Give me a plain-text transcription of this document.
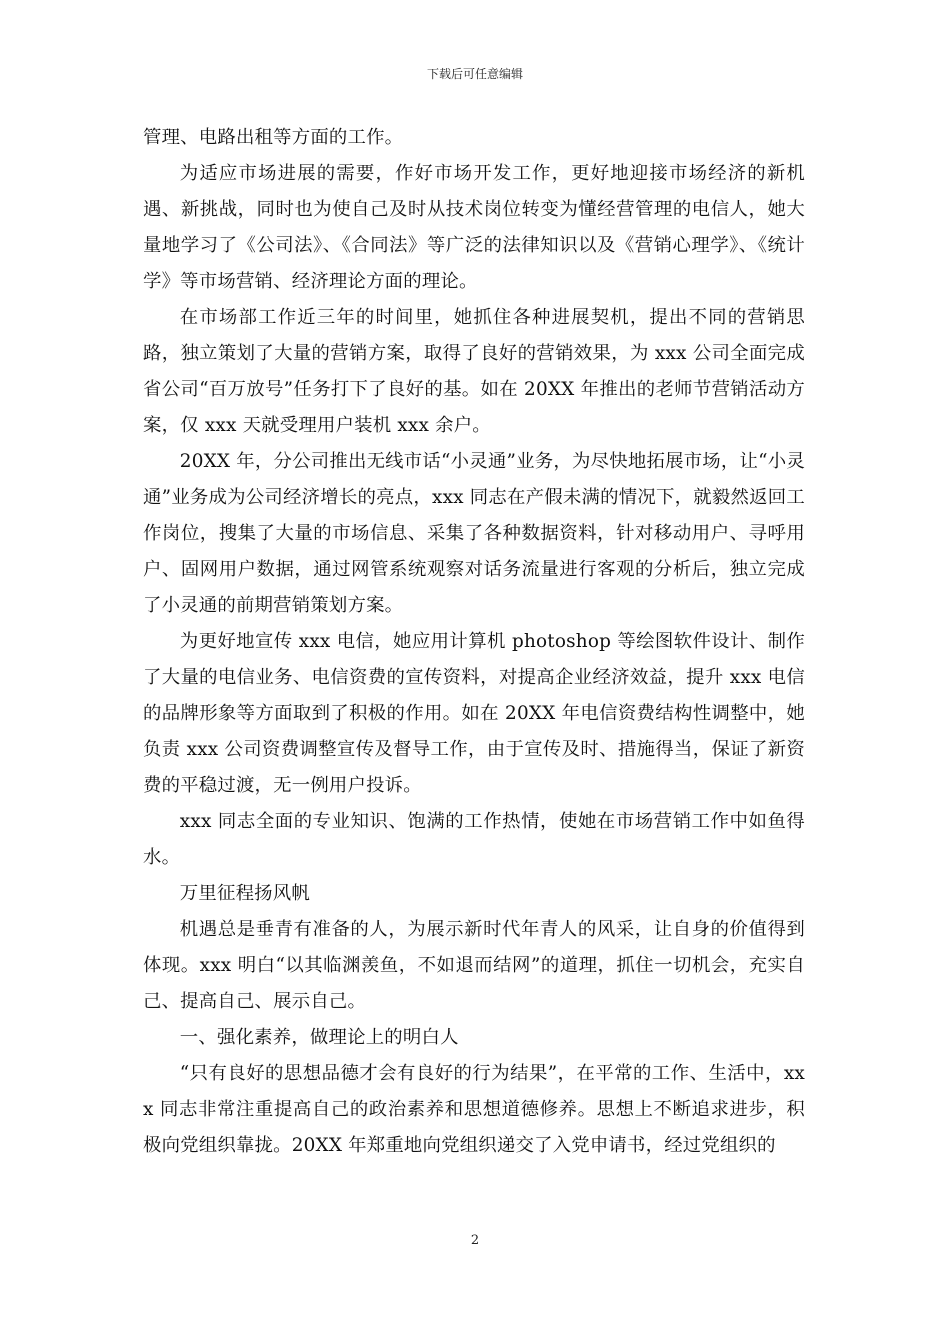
下载后可任意编辑

管理、电路出租等方面的工作。

为适应市场进展的需要，作好市场开发工作，更好地迎接市场经济的新机遇、新挑战，同时也为使自己及时从技术岗位转变为懂经营管理的电信人，她大量地学习了《公司法》、《合同法》等广泛的法律知识以及《营销心理学》、《统计学》等市场营销、经济理论方面的理论。

在市场部工作近三年的时间里，她抓住各种进展契机，提出不同的营销思路，独立策划了大量的营销方案，取得了良好的营销效果，为 xxx 公司全面完成省公司“百万放号”任务打下了良好的基。如在 20XX 年推出的老师节营销活动方案，仅 xxx 天就受理用户装机 xxx 余户。

20XX 年，分公司推出无线市话“小灵通”业务，为尽快地拓展市场，让“小灵通”业务成为公司经济增长的亮点，xxx 同志在产假未满的情况下，就毅然返回工作岗位，搜集了大量的市场信息、采集了各种数据资料，针对移动用户、寻呼用户、固网用户数据，通过网管系统观察对话务流量进行客观的分析后，独立完成了小灵通的前期营销策划方案。

为更好地宣传 xxx 电信，她应用计算机 photoshop 等绘图软件设计、制作了大量的电信业务、电信资费的宣传资料，对提高企业经济效益，提升 xxx 电信的品牌形象等方面取到了积极的作用。如在 20XX 年电信资费结构性调整中，她负责 xxx 公司资费调整宣传及督导工作，由于宣传及时、措施得当，保证了新资费的平稳过渡，无一例用户投诉。

xxx 同志全面的专业知识、饱满的工作热情，使她在市场营销工作中如鱼得水。

万里征程扬风帆

机遇总是垂青有准备的人，为展示新时代年青人的风采，让自身的价值得到体现。xxx 明白“以其临渊羡鱼，不如退而结网”的道理，抓住一切机会，充实自己、提高自己、展示自己。

一、强化素养，做理论上的明白人

“只有良好的思想品德才会有良好的行为结果”，在平常的工作、生活中，xxx 同志非常注重提高自己的政治素养和思想道德修养。思想上不断追求进步，积极向党组织靠拢。20XX 年郑重地向党组织递交了入党申请书，经过党组织的

2
